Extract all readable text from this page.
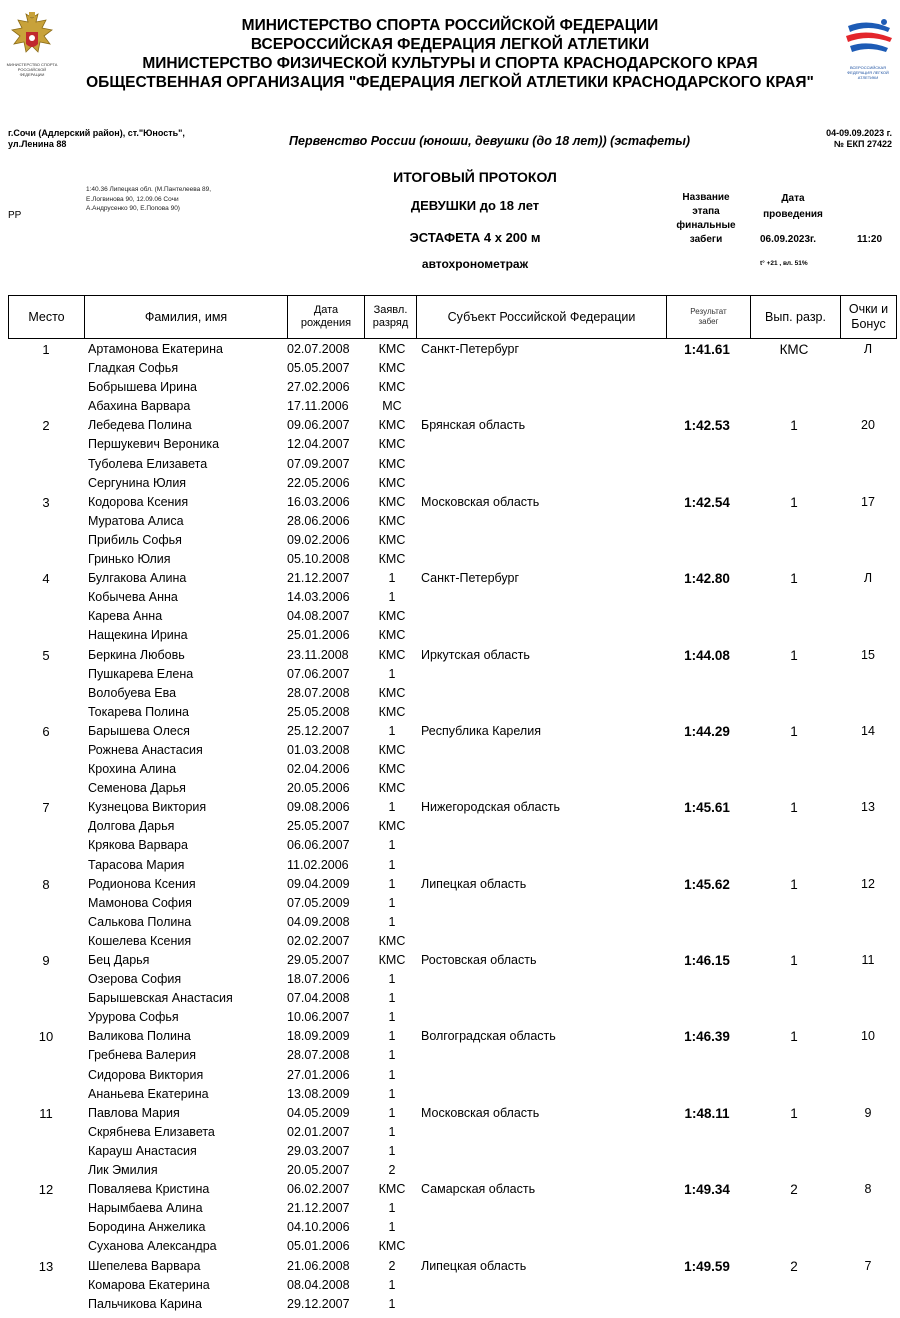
МИНИСТЕРСТВО СПОРТА РОССИЙСКОЙ ФЕДЕРАЦИИ
ВСЕРОССИЙСКАЯ ФЕДЕРАЦИЯ ЛЕГКОЙ АТЛЕТИКИ
МИНИСТЕРСТВО СПОРТА РОССИЙСКОЙ ФЕДЕРАЦИИ
ВСЕРОССИЙСКАЯ ФЕДЕРАЦИЯ ЛЕГКОЙ АТЛЕТИКИ
МИНИСТЕРСТВО ФИЗИЧЕСКОЙ КУЛЬТУРЫ И СПОРТА КРАСНОДАРСКОГО КРАЯ
ОБЩЕСТВЕННАЯ ОРГАНИЗАЦИЯ "ФЕДЕРАЦИЯ ЛЕГКОЙ АТЛЕТИКИ КРАСНОДАРСКОГО КРАЯ"
г.Сочи (Адлерский район), ст."Юность",
ул.Ленина 88	Первенство России (юноши, девушки (до 18 лет)) (эстафеты)
04-09.09.2023 г.
№ ЕКП 27422
РР
1:40.36 Липецкая обл. (М.Пантелеева 89,
Е.Логвинова 90, 12.09.06 Сочи
А.Андрусенко 90, Е.Попова 90)
ИТОГОВЫЙ ПРОТОКОЛ
ДЕВУШКИ до 18 лет
ЭСТАФЕТА 4 х 200 м
автохронометраж
Название
этапа
финальные
забеги
Дата
проведения
06.09.2023г.	11:20
t° +21 , вл. 51%
Место	Фамилия, имя	Дата
рождения	Заявл.
разряд	Субъект Российской Федерации	Результат
забег	Вып. разр.	Очки и
Бонус
1	Артамонова Екатерина	02.07.2008	КМС	Санкт-Петербург	1:41.61	КМС	Л
Гладкая Софья	05.05.2007	КМС
Бобрышева Ирина	27.02.2006	КМС
Абахина Варвара	17.11.2006	МС
2	Лебедева Полина	09.06.2007	КМС	Брянская область	1:42.53	1	20
Першукевич Вероника	12.04.2007	КМС
Туболева Елизавета	07.09.2007	КМС
Сергунина Юлия	22.05.2006	КМС
3	Кодорова Ксения	16.03.2006	КМС	Московская область	1:42.54	1	17
Муратова Алиса	28.06.2006	КМС
Прибиль Софья	09.02.2006	КМС
Гринько Юлия	05.10.2008	КМС
4	Булгакова Алина	21.12.2007	1	Санкт-Петербург	1:42.80	1	Л
Кобычева Анна	14.03.2006	1
Карева Анна	04.08.2007	КМС
Нащекина Ирина	25.01.2006	КМС
5	Беркина Любовь	23.11.2008	КМС	Иркутская область	1:44.08	1	15
Пушкарева Елена	07.06.2007	1
Волобуева Ева	28.07.2008	КМС
Токарева Полина	25.05.2008	КМС
6	Барышева Олеся	25.12.2007	1	Республика Карелия	1:44.29	1	14
Рожнева Анастасия	01.03.2008	КМС
Крохина Алина	02.04.2006	КМС
Семенова Дарья	20.05.2006	КМС
7	Кузнецова Виктория	09.08.2006	1	Нижегородская область	1:45.61	1	13
Долгова Дарья	25.05.2007	КМС
Крякова Варвара	06.06.2007	1
Тарасова Мария	11.02.2006	1
8	Родионова Ксения	09.04.2009	1	Липецкая область	1:45.62	1	12
Мамонова София	07.05.2009	1
Салькова Полина	04.09.2008	1
Кошелева Ксения	02.02.2007	КМС
9	Бец Дарья	29.05.2007	КМС	Ростовская область	1:46.15	1	11
Озерова София	18.07.2006	1
Барышевская Анастасия	07.04.2008	1
Урурова Софья	10.06.2007	1
10	Валикова Полина	18.09.2009	1	Волгоградская область	1:46.39	1	10
Гребнева Валерия	28.07.2008	1
Сидорова Виктория	27.01.2006	1
Ананьева Екатерина	13.08.2009	1
11	Павлова Мария	04.05.2009	1	Московская область	1:48.11	1	9
Скрябнева Елизавета	02.01.2007	1
Карауш Анастасия	29.03.2007	1
Лик Эмилия	20.05.2007	2
12	Поваляева Кристина	06.02.2007	КМС	Самарская область	1:49.34	2	8
Нарымбаева Алина	21.12.2007	1
Бородина Анжелика	04.10.2006	1
Суханова Александра	05.01.2006	КМС
13	Шепелева Варвара	21.06.2008	2	Липецкая область	1:49.59	2	7
Комарова Екатерина	08.04.2008	1
Пальчикова Карина	29.12.2007	1
